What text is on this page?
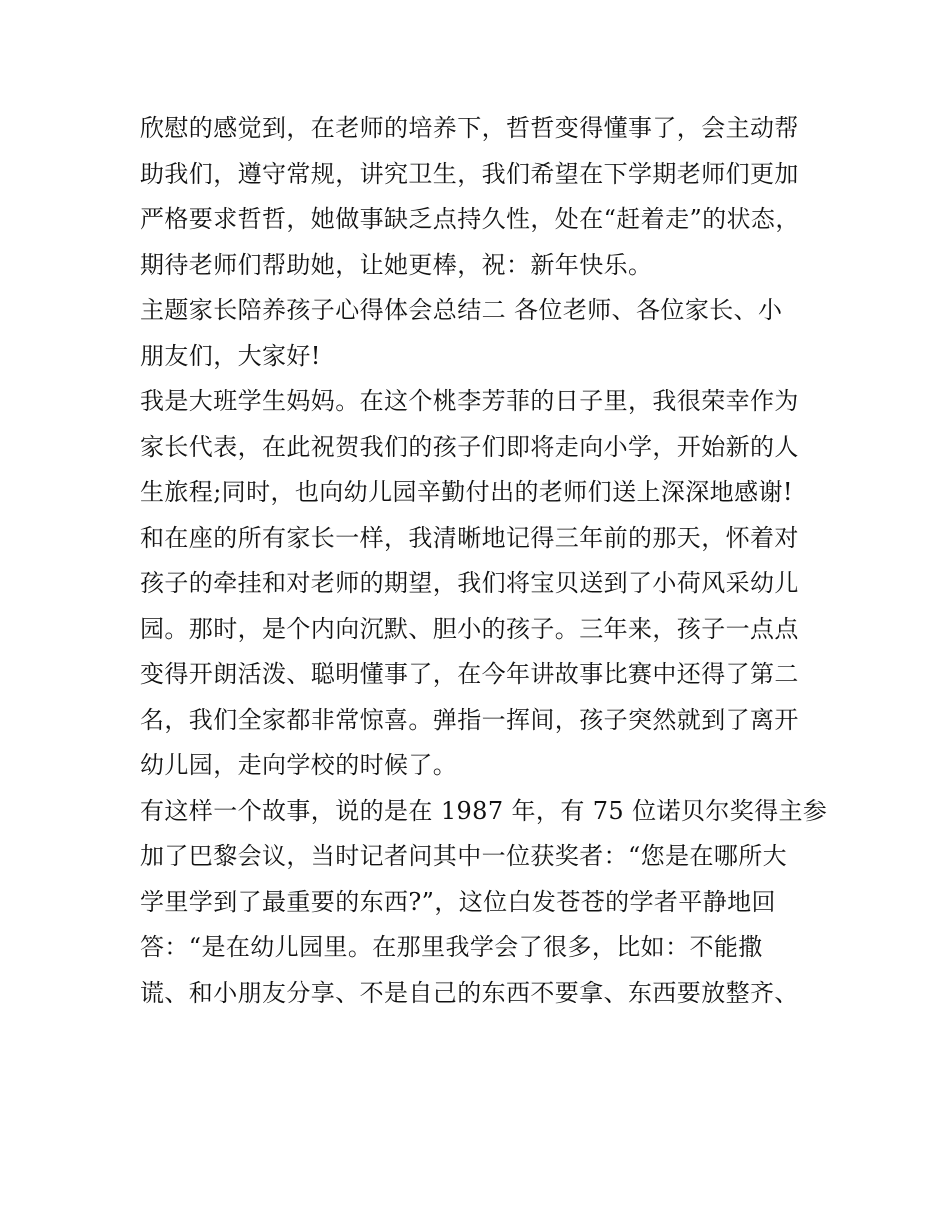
欣慰的感觉到，在老师的培养下，哲哲变得懂事了，会主动帮
助我们，遵守常规，讲究卫生，我们希望在下学期老师们更加
严格要求哲哲，她做事缺乏点持久性，处在“赶着走”的状态，
期待老师们帮助她，让她更棒，祝：新年快乐。
主题家长陪养孩子心得体会总结二 各位老师、各位家长、小
朋友们，大家好!
我是大班学生妈妈。在这个桃李芳菲的日子里，我很荣幸作为
家长代表，在此祝贺我们的孩子们即将走向小学，开始新的人
生旅程;同时，也向幼儿园辛勤付出的老师们送上深深地感谢!
和在座的所有家长一样，我清晰地记得三年前的那天，怀着对
孩子的牵挂和对老师的期望，我们将宝贝送到了小荷风采幼儿
园。那时，是个内向沉默、胆小的孩子。三年来，孩子一点点
变得开朗活泼、聪明懂事了，在今年讲故事比赛中还得了第二
名，我们全家都非常惊喜。弹指一挥间，孩子突然就到了离开
幼儿园，走向学校的时候了。
有这样一个故事，说的是在 1987 年，有 75 位诺贝尔奖得主参
加了巴黎会议，当时记者问其中一位获奖者：“您是在哪所大
学里学到了最重要的东西?”，这位白发苍苍的学者平静地回
答：“是在幼儿园里。在那里我学会了很多，比如：不能撒
谎、和小朋友分享、不是自己的东西不要拿、东西要放整齐、
